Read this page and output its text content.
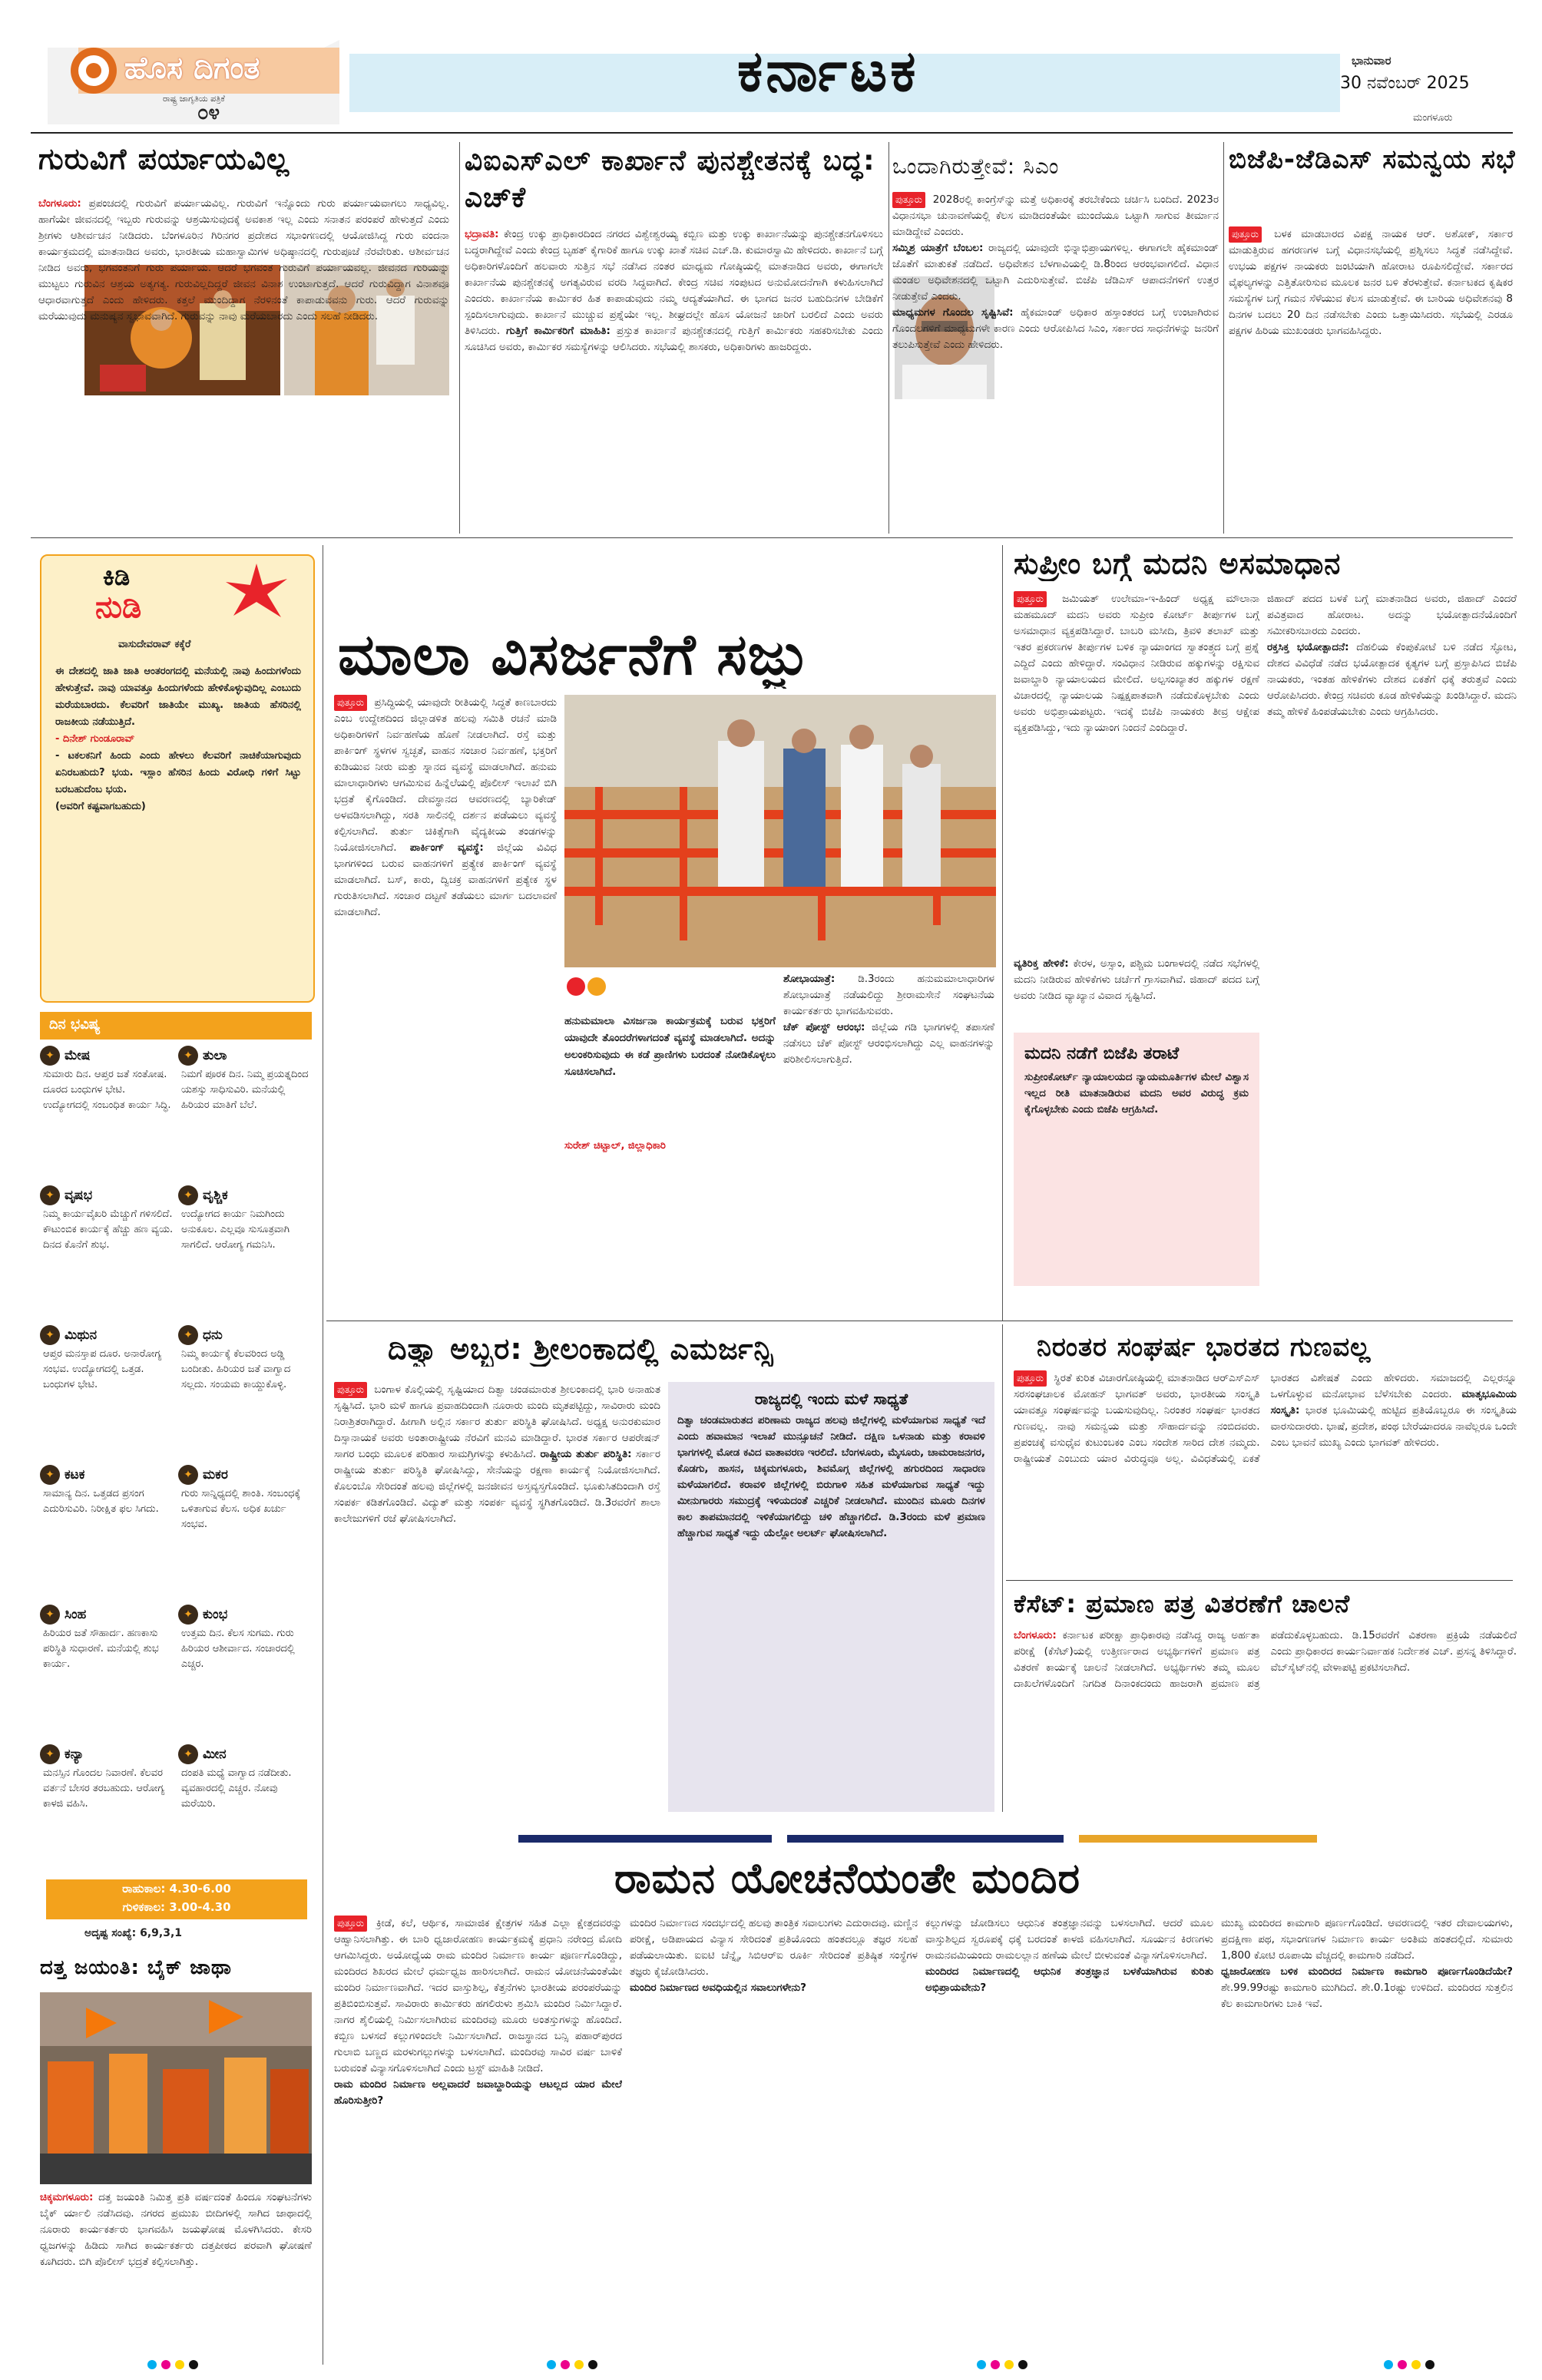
ಹೊಸ ದಿಗಂತ
ರಾಷ್ಟ್ರ ಜಾಗೃತಿಯ ಪತ್ರಿಕೆ
೦೪
ಕರ್ನಾಟಕ	ಭಾನುವಾರ
30 ನವೆಂಬರ್ 2025
ಮಂಗಳೂರು
ಗುರುವಿಗೆ ಪರ್ಯಾಯವಿಲ್ಲ
ಬೆಂಗಳೂರು: ಪ್ರಪಂಚದಲ್ಲಿ ಗುರುವಿಗೆ ಪರ್ಯಾಯವಿಲ್ಲ. ಗುರುವಿಗೆ ಇನ್ನೊಂದು ಗುರು ಪರ್ಯಾಯವಾಗಲು ಸಾಧ್ಯವಿಲ್ಲ. ಹಾಗೆಯೇ ಜೀವನದಲ್ಲಿ ಇಬ್ಬರು ಗುರುವನ್ನು ಆಶ್ರಯಿಸುವುದಕ್ಕೆ ಅವಕಾಶ ಇಲ್ಲ ಎಂದು ಸನಾತನ ಪರಂಪರೆ ಹೇಳುತ್ತದೆ ಎಂದು ಶ್ರೀಗಳು ಆಶೀರ್ವಚನ ನೀಡಿದರು. ಬೆಂಗಳೂರಿನ ಗಿರಿನಗರ ಪ್ರದೇಶದ ಸಭಾಂಗಣದಲ್ಲಿ ಆಯೋಜಿಸಿದ್ದ ಗುರು ವಂದನಾ ಕಾರ್ಯಕ್ರಮದಲ್ಲಿ ಮಾತನಾಡಿದ ಅವರು, ಭಾರತೀಯ ಮಹಾಸ್ವಾಮಿಗಳ ಅಧಿಷ್ಠಾನದಲ್ಲಿ ಗುರುಪೂಜೆ ನೆರವೇರಿತು. ಆಶೀರ್ವಚನ ನೀಡಿದ ಅವರು, ಭಗವಂತನಿಗೆ ಗುರು ಪರ್ಯಾಯ. ಆದರೆ ಭಗವಂತ ಗುರುವಿಗೆ ಪರ್ಯಾಯವಲ್ಲ. ಜೀವನದ ಗುರಿಯನ್ನು ಮುಟ್ಟಲು ಗುರುವಿನ ಆಶ್ರಯ ಅತ್ಯಗತ್ಯ. ಗುರುವಿಲ್ಲದಿದ್ದರೆ ಜೀವನ ವಿನಾಶ ಉಂಟಾಗುತ್ತದೆ. ಆದರೆ ಗುರುವಿದ್ದಾಗ ವಿನಾಶವೂ ಆಧಾರವಾಗುತ್ತದೆ ಎಂದು ಹೇಳಿದರು. ಕತ್ತಲೆ ಮುಂದಿದ್ದಾಗ ನೆರಳಿನಂತೆ ಕಾಪಾಡುವವನು ಗುರು. ಆದರೆ ಗುರುವನ್ನು ಮರೆಯುವುದು ಮನುಷ್ಯನ ಸ್ವಭಾವವಾಗಿದೆ. ಗುರುವನ್ನು ನಾವು ಮರೆಯಬಾರದು ಎಂದು ಸಲಹೆ ನೀಡಿದರು.
ವಿಐಎಸ್‌ಎಲ್ ಕಾರ್ಖಾನೆ ಪುನಶ್ಚೇತನಕ್ಕೆ ಬದ್ಧ: ಎಚ್‌ಕೆ
ಭದ್ರಾವತಿ: ಕೇಂದ್ರ ಉಕ್ಕು ಪ್ರಾಧಿಕಾರದಿಂದ ನಗರದ ವಿಶ್ವೇಶ್ವರಯ್ಯ ಕಬ್ಬಿಣ ಮತ್ತು ಉಕ್ಕು ಕಾರ್ಖಾನೆಯನ್ನು ಪುನಶ್ಚೇತನಗೊಳಿಸಲು ಬದ್ಧರಾಗಿದ್ದೇವೆ ಎಂದು ಕೇಂದ್ರ ಬೃಹತ್ ಕೈಗಾರಿಕೆ ಹಾಗೂ ಉಕ್ಕು ಖಾತೆ ಸಚಿವ ಎಚ್.ಡಿ. ಕುಮಾರಸ್ವಾಮಿ ಹೇಳಿದರು. ಕಾರ್ಖಾನೆ ಬಗ್ಗೆ ಅಧಿಕಾರಿಗಳೊಂದಿಗೆ ಹಲವಾರು ಸುತ್ತಿನ ಸಭೆ ನಡೆಸಿದ ನಂತರ ಮಾಧ್ಯಮ ಗೋಷ್ಠಿಯಲ್ಲಿ ಮಾತನಾಡಿದ ಅವರು, ಈಗಾಗಲೇ ಕಾರ್ಖಾನೆಯ ಪುನಶ್ಚೇತನಕ್ಕೆ ಅಗತ್ಯವಿರುವ ವರದಿ ಸಿದ್ಧವಾಗಿದೆ. ಕೇಂದ್ರ ಸಚಿವ ಸಂಪುಟದ ಅನುಮೋದನೆಗಾಗಿ ಕಳುಹಿಸಲಾಗಿದೆ ಎಂದರು. ಕಾರ್ಖಾನೆಯ ಕಾರ್ಮಿಕರ ಹಿತ ಕಾಪಾಡುವುದು ನಮ್ಮ ಆದ್ಯತೆಯಾಗಿದೆ. ಈ ಭಾಗದ ಜನರ ಬಹುದಿನಗಳ ಬೇಡಿಕೆಗೆ ಸ್ಪಂದಿಸಲಾಗುವುದು. ಕಾರ್ಖಾನೆ ಮುಚ್ಚುವ ಪ್ರಶ್ನೆಯೇ ಇಲ್ಲ. ಶೀಘ್ರದಲ್ಲೇ ಹೊಸ ಯೋಜನೆ ಜಾರಿಗೆ ಬರಲಿದೆ ಎಂದು ಅವರು ತಿಳಿಸಿದರು. ಗುತ್ತಿಗೆ ಕಾರ್ಮಿಕರಿಗೆ ಮಾಹಿತಿ: ಪ್ರಸ್ತುತ ಕಾರ್ಖಾನೆ ಪುನಶ್ಚೇತನದಲ್ಲಿ ಗುತ್ತಿಗೆ ಕಾರ್ಮಿಕರು ಸಹಕರಿಸಬೇಕು ಎಂದು ಸೂಚಿಸಿದ ಅವರು, ಕಾರ್ಮಿಕರ ಸಮಸ್ಯೆಗಳನ್ನು ಆಲಿಸಿದರು. ಸಭೆಯಲ್ಲಿ ಶಾಸಕರು, ಅಧಿಕಾರಿಗಳು ಹಾಜರಿದ್ದರು.
ಒಂದಾಗಿರುತ್ತೇವೆ: ಸಿಎಂ
ಪುತ್ತೂರು 2028ರಲ್ಲಿ ಕಾಂಗ್ರೆಸ್‌ನ್ನು ಮತ್ತೆ ಅಧಿಕಾರಕ್ಕೆ ತರಬೇಕೆಂದು ಚರ್ಚಿಸಿ ಬಂದಿದೆ. 2023ರ ವಿಧಾನಸಭಾ ಚುನಾವಣೆಯಲ್ಲಿ ಕೆಲಸ ಮಾಡಿದಂತೆಯೇ ಮುಂದೆಯೂ ಒಟ್ಟಾಗಿ ಸಾಗುವ ತೀರ್ಮಾನ ಮಾಡಿದ್ದೇವೆ ಎಂದರು.
ಸಮ್ಮಿಶ್ರ ಯಾತ್ರೆಗೆ ಬೆಂಬಲ: ರಾಜ್ಯದಲ್ಲಿ ಯಾವುದೇ ಭಿನ್ನಾಭಿಪ್ರಾಯಗಳಿಲ್ಲ. ಈಗಾಗಲೇ ಹೈಕಮಾಂಡ್ ಜೊತೆಗೆ ಮಾತುಕತೆ ನಡೆದಿದೆ. ಅಧಿವೇಶನ ಬೆಳಗಾವಿಯಲ್ಲಿ ಡಿ.8ರಿಂದ ಆರಂಭವಾಗಲಿದೆ. ವಿಧಾನ ಮಂಡಲ ಅಧಿವೇಶನದಲ್ಲಿ ಒಟ್ಟಾಗಿ ಎದುರಿಸುತ್ತೇವೆ. ಬಿಜೆಪಿ ಜೆಡಿಎಸ್ ಆಪಾದನೆಗಳಿಗೆ ಉತ್ತರ ನೀಡುತ್ತೇವೆ ಎಂದರು.
ಮಾಧ್ಯಮಗಳ ಗೊಂದಲ ಸೃಷ್ಟಿಸಿವೆ: ಹೈಕಮಾಂಡ್ ಅಧಿಕಾರ ಹಸ್ತಾಂತರದ ಬಗ್ಗೆ ಉಂಟಾಗಿರುವ ಗೊಂದಲಗಳಿಗೆ ಮಾಧ್ಯಮಗಳೇ ಕಾರಣ ಎಂದು ಆರೋಪಿಸಿದ ಸಿಎಂ, ಸರ್ಕಾರದ ಸಾಧನೆಗಳನ್ನು ಜನರಿಗೆ ತಲುಪಿಸುತ್ತೇವೆ ಎಂದು ಹೇಳಿದರು.
ಬಿಜೆಪಿ-ಜೆಡಿಎಸ್ ಸಮನ್ವಯ ಸಭೆ
ಪುತ್ತೂರು ಬಳಕ ಮಾಡಬಾರದ ವಿಪಕ್ಷ ನಾಯಕ ಆರ್. ಅಶೋಕ್, ಸರ್ಕಾರ ಮಾಡುತ್ತಿರುವ ಹಗರಣಗಳ ಬಗ್ಗೆ ವಿಧಾನಸಭೆಯಲ್ಲಿ ಪ್ರಶ್ನಿಸಲು ಸಿದ್ಧತೆ ನಡೆಸಿದ್ದೇವೆ. ಉಭಯ ಪಕ್ಷಗಳ ನಾಯಕರು ಜಂಟಿಯಾಗಿ ಹೋರಾಟ ರೂಪಿಸಲಿದ್ದೇವೆ. ಸರ್ಕಾರದ ವೈಫಲ್ಯಗಳನ್ನು ಎತ್ತಿತೋರಿಸುವ ಮೂಲಕ ಜನರ ಬಳಿ ತೆರಳುತ್ತೇವೆ. ಕರ್ನಾಟಕದ ಕೃಷಿಕರ ಸಮಸ್ಯೆಗಳ ಬಗ್ಗೆ ಗಮನ ಸೆಳೆಯುವ ಕೆಲಸ ಮಾಡುತ್ತೇವೆ. ಈ ಬಾರಿಯ ಅಧಿವೇಶನವು 8 ದಿನಗಳ ಬದಲು 20 ದಿನ ನಡೆಸಬೇಕು ಎಂದು ಒತ್ತಾಯಿಸಿದರು. ಸಭೆಯಲ್ಲಿ ಎರಡೂ ಪಕ್ಷಗಳ ಹಿರಿಯ ಮುಖಂಡರು ಭಾಗವಹಿಸಿದ್ದರು.
ಕಿಡಿ
ನುಡಿ
ವಾಸುದೇವರಾವ್ ಕಕ್ಕೆರೆ
ಈ ದೇಶದಲ್ಲಿ ಜಾತಿ ಜಾತಿ ಆಂತರಂಗದಲ್ಲಿ ಮನೆಯಲ್ಲಿ ನಾವು ಹಿಂದುಗಳೆಂದು ಹೇಳುತ್ತೇವೆ. ನಾವು ಯಾವತ್ತೂ ಹಿಂದುಗಳೆಂದು ಹೇಳಿಕೊಳ್ಳುವುದಿಲ್ಲ ಎಂಬುದು ಮರೆಯಬಾರದು. ಕೆಲವರಿಗೆ ಜಾತಿಯೇ ಮುಖ್ಯ. ಜಾತಿಯ ಹೆಸರಿನಲ್ಲಿ ರಾಜಕೀಯ ನಡೆಯುತ್ತಿದೆ.
- ದಿನೇಶ್ ಗುಂಡೂರಾವ್
- ಟಕಲಕನಿಗೆ ಹಿಂದು ಎಂದು ಹೇಳಲು ಕೆಲವರಿಗೆ ನಾಚಿಕೆಯಾಗುವುದು ಏನಿರಬಹುದು? ಭಯ. ಇಸ್ಲಾಂ ಹೆಸರಿನ ಹಿಂದು ವಿರೋಧಿ ಗಳಿಗೆ ಸಿಟ್ಟು ಬರಬಹುದೆಂಬ ಭಯ.
(ಅವರಿಗೆ ಕಷ್ಟವಾಗಬಹುದು)
ದಿನ ಭವಿಷ್ಯ
✦ ಮೇಷ
ಸುಮಾರು ದಿನ. ಆಪ್ತರ ಜತೆ ಸಂತೋಷ. ದೂರದ ಬಂಧುಗಳ ಭೇಟಿ. ಉದ್ಯೋಗದಲ್ಲಿ ಸಂಬಂಧಿತ ಕಾರ್ಯ ಸಿದ್ಧಿ.
✦ ವೃಷಭ
ನಿಮ್ಮ ಕಾರ್ಯವೈಖರಿ ಮೆಚ್ಚುಗೆ ಗಳಿಸಲಿದೆ. ಕೌಟುಂಬಿಕ ಕಾರ್ಯಕ್ಕೆ ಹೆಚ್ಚು ಹಣ ವ್ಯಯ. ದಿನದ ಕೊನೆಗೆ ಶುಭ.
✦ ಮಿಥುನ
ಆಪ್ತರ ಮನಸ್ತಾಪ ದೂರ. ಅನಾರೋಗ್ಯ ಸಂಭವ. ಉದ್ಯೋಗದಲ್ಲಿ ಒತ್ತಡ. ಬಂಧುಗಳ ಭೇಟಿ.
✦ ಕಟಕ
ಸಾಮಾನ್ಯ ದಿನ. ಒತ್ತಡದ ಪ್ರಸಂಗ ಎದುರಿಸುವಿರಿ. ನಿರೀಕ್ಷಿತ ಫಲ ಸಿಗದು.
✦ ಸಿಂಹ
ಹಿರಿಯರ ಜತೆ ಸೌಹಾರ್ದ. ಹಣಕಾಸು ಪರಿಸ್ಥಿತಿ ಸುಧಾರಣೆ. ಮನೆಯಲ್ಲಿ ಶುಭ ಕಾರ್ಯ.
✦ ಕನ್ಯಾ
ಮನಸ್ಸಿನ ಗೊಂದಲ ನಿವಾರಣೆ. ಕೆಲವರ ವರ್ತನೆ ಬೇಸರ ತರಬಹುದು. ಆರೋಗ್ಯ ಕಾಳಜಿ ವಹಿಸಿ.
✦ ತುಲಾ
ನಿಮಗೆ ಪೂರಕ ದಿನ. ನಿಮ್ಮ ಪ್ರಯತ್ನದಿಂದ ಯಶಸ್ಸು ಸಾಧಿಸುವಿರಿ. ಮನೆಯಲ್ಲಿ ಹಿರಿಯರ ಮಾತಿಗೆ ಬೆಲೆ.
✦ ವೃಶ್ಚಿಕ
ಉದ್ಯೋಗದ ಕಾರ್ಯ ನಿಮಗಿಂದು ಅನುಕೂಲ. ಎಲ್ಲವೂ ಸುಸೂತ್ರವಾಗಿ ಸಾಗಲಿದೆ. ಆರೋಗ್ಯ ಗಮನಿಸಿ.
✦ ಧನು
ನಿಮ್ಮ ಕಾರ್ಯಕ್ಕೆ ಕೆಲವರಿಂದ ಅಡ್ಡಿ ಬಂದೀತು. ಹಿರಿಯರ ಜತೆ ವಾಗ್ವಾದ ಸಲ್ಲದು. ಸಂಯಮ ಕಾಯ್ದುಕೊಳ್ಳಿ.
✦ ಮಕರ
ಗುರು ಸಾನ್ನಿಧ್ಯದಲ್ಲಿ ಶಾಂತಿ. ಸಂಬಂಧಕ್ಕೆ ಒಳಿತಾಗುವ ಕೆಲಸ. ಅಧಿಕ ಖರ್ಚು ಸಂಭವ.
✦ ಕುಂಭ
ಉತ್ತಮ ದಿನ. ಕೆಲಸ ಸುಗಮ. ಗುರು ಹಿರಿಯರ ಆಶೀರ್ವಾದ. ಸಂಚಾರದಲ್ಲಿ ಎಚ್ಚರ.
✦ ಮೀನ
ದಂಪತಿ ಮಧ್ಯೆ ವಾಗ್ವಾದ ನಡೆದೀತು. ವ್ಯವಹಾರದಲ್ಲಿ ಎಚ್ಚರ. ನೋವು ಮರೆಯಿರಿ.
ರಾಹುಕಾಲ: 4.30-6.00
ಗುಳಿಕಕಾಲ: 3.00-4.30
ಅದೃಷ್ಟ ಸಂಖ್ಯೆ: 6,9,3,1
ದತ್ತ ಜಯಂತಿ: ಬೈಕ್ ಜಾಥಾ
ಚಿಕ್ಕಮಗಳೂರು: ದತ್ತ ಜಯಂತಿ ನಿಮಿತ್ತ ಪ್ರತಿ ವರ್ಷದಂತೆ ಹಿಂದೂ ಸಂಘಟನೆಗಳು ಬೈಕ್ ರ್ಯಾಲಿ ನಡೆಸಿದವು. ನಗರದ ಪ್ರಮುಖ ಬೀದಿಗಳಲ್ಲಿ ಸಾಗಿದ ಜಾಥಾದಲ್ಲಿ ನೂರಾರು ಕಾರ್ಯಕರ್ತರು ಭಾಗವಹಿಸಿ ಜಯಘೋಷ ಮೊಳಗಿಸಿದರು. ಕೇಸರಿ ಧ್ವಜಗಳನ್ನು ಹಿಡಿದು ಸಾಗಿದ ಕಾರ್ಯಕರ್ತರು ದತ್ತಪೀಠದ ಪರವಾಗಿ ಘೋಷಣೆ ಕೂಗಿದರು. ಬಿಗಿ ಪೊಲೀಸ್ ಭದ್ರತೆ ಕಲ್ಪಿಸಲಾಗಿತ್ತು.
ಮಾಲಾ ವಿಸರ್ಜನೆಗೆ ಸಜ್ಜು
ಪುತ್ತೂರು ಪ್ರಸಿದ್ಧಿಯಲ್ಲಿ ಯಾವುದೇ ರೀತಿಯಲ್ಲಿ ಸಿದ್ಧತೆ ಕಾಣಬಾರದು ಎಂಬ ಉದ್ದೇಶದಿಂದ ಜಿಲ್ಲಾಡಳಿತ ಹಲವು ಸಮಿತಿ ರಚನೆ ಮಾಡಿ ಅಧಿಕಾರಿಗಳಿಗೆ ನಿರ್ವಹಣೆಯ ಹೊಣೆ ನೀಡಲಾಗಿದೆ. ರಸ್ತೆ ಮತ್ತು ಪಾರ್ಕಿಂಗ್ ಸ್ಥಳಗಳ ಸ್ವಚ್ಛತೆ, ವಾಹನ ಸಂಚಾರ ನಿರ್ವಹಣೆ, ಭಕ್ತರಿಗೆ ಕುಡಿಯುವ ನೀರು ಮತ್ತು ಸ್ನಾನದ ವ್ಯವಸ್ಥೆ ಮಾಡಲಾಗಿದೆ. ಹನುಮ ಮಾಲಾಧಾರಿಗಳು ಆಗಮಿಸುವ ಹಿನ್ನೆಲೆಯಲ್ಲಿ ಪೊಲೀಸ್ ಇಲಾಖೆ ಬಿಗಿ ಭದ್ರತೆ ಕೈಗೊಂಡಿದೆ. ದೇವಸ್ಥಾನದ ಆವರಣದಲ್ಲಿ ಬ್ಯಾರಿಕೇಡ್ ಅಳವಡಿಸಲಾಗಿದ್ದು, ಸರತಿ ಸಾಲಿನಲ್ಲಿ ದರ್ಶನ ಪಡೆಯಲು ವ್ಯವಸ್ಥೆ ಕಲ್ಪಿಸಲಾಗಿದೆ. ತುರ್ತು ಚಿಕಿತ್ಸೆಗಾಗಿ ವೈದ್ಯಕೀಯ ತಂಡಗಳನ್ನು ನಿಯೋಜಿಸಲಾಗಿದೆ. ಪಾರ್ಕಿಂಗ್ ವ್ಯವಸ್ಥೆ: ಜಿಲ್ಲೆಯ ವಿವಿಧ ಭಾಗಗಳಿಂದ ಬರುವ ವಾಹನಗಳಿಗೆ ಪ್ರತ್ಯೇಕ ಪಾರ್ಕಿಂಗ್ ವ್ಯವಸ್ಥೆ ಮಾಡಲಾಗಿದೆ. ಬಸ್, ಕಾರು, ದ್ವಿಚಕ್ರ ವಾಹನಗಳಿಗೆ ಪ್ರತ್ಯೇಕ ಸ್ಥಳ ಗುರುತಿಸಲಾಗಿದೆ. ಸಂಚಾರ ದಟ್ಟಣೆ ತಡೆಯಲು ಮಾರ್ಗ ಬದಲಾವಣೆ ಮಾಡಲಾಗಿದೆ.
ಹನುಮಮಾಲಾ ವಿಸರ್ಜನಾ ಕಾರ್ಯಕ್ರಮಕ್ಕೆ ಬರುವ ಭಕ್ತರಿಗೆ ಯಾವುದೇ ತೊಂದರೆಗಳಾಗದಂತೆ ವ್ಯವಸ್ಥೆ ಮಾಡಲಾಗಿದೆ. ಅದನ್ನು ಅಲಂಕರಿಸುವುದು ಈ ಕಡೆ ಪ್ರಾಣಿಗಳು ಬರದಂತೆ ನೋಡಿಕೊಳ್ಳಲು ಸೂಚಿಸಲಾಗಿದೆ.
ಸುರೇಶ್ ಚಿಟ್ಟಾಲ್, ಜಿಲ್ಲಾಧಿಕಾರಿ
ಶೋಭಾಯಾತ್ರೆ: ಡಿ.3ರಂದು ಹನುಮಮಾಲಾಧಾರಿಗಳ ಶೋಭಾಯಾತ್ರೆ ನಡೆಯಲಿದ್ದು ಶ್ರೀರಾಮಸೇನೆ ಸಂಘಟನೆಯ ಕಾರ್ಯಕರ್ತರು ಭಾಗವಹಿಸುವರು.
ಚೆಕ್ ಪೋಸ್ಟ್ ಆರಂಭ: ಜಿಲ್ಲೆಯ ಗಡಿ ಭಾಗಗಳಲ್ಲಿ ತಪಾಸಣೆ ನಡೆಸಲು ಚೆಕ್ ಪೋಸ್ಟ್ ಆರಂಭಿಸಲಾಗಿದ್ದು ಎಲ್ಲ ವಾಹನಗಳನ್ನು ಪರಿಶೀಲಿಸಲಾಗುತ್ತಿದೆ.
ಸುಪ್ರೀಂ ಬಗ್ಗೆ ಮದನಿ ಅಸಮಾಧಾನ
ಪುತ್ತೂರು ಜಮಿಯತ್ ಉಲೇಮಾ-ಇ-ಹಿಂದ್ ಅಧ್ಯಕ್ಷ ಮೌಲಾನಾ ಮಹಮೂದ್ ಮದನಿ ಅವರು ಸುಪ್ರೀಂ ಕೋರ್ಟ್ ತೀರ್ಪುಗಳ ಬಗ್ಗೆ ಅಸಮಾಧಾನ ವ್ಯಕ್ತಪಡಿಸಿದ್ದಾರೆ. ಬಾಬರಿ ಮಸೀದಿ, ತ್ರಿವಳಿ ತಲಾಖ್ ಮತ್ತು ಇತರ ಪ್ರಕರಣಗಳ ತೀರ್ಪುಗಳ ಬಳಿಕ ನ್ಯಾಯಾಂಗದ ಸ್ವಾತಂತ್ರ್ಯದ ಬಗ್ಗೆ ಪ್ರಶ್ನೆ ಎದ್ದಿದೆ ಎಂದು ಹೇಳಿದ್ದಾರೆ. ಸಂವಿಧಾನ ನೀಡಿರುವ ಹಕ್ಕುಗಳನ್ನು ರಕ್ಷಿಸುವ ಜವಾಬ್ದಾರಿ ನ್ಯಾಯಾಲಯದ ಮೇಲಿದೆ. ಅಲ್ಪಸಂಖ್ಯಾತರ ಹಕ್ಕುಗಳ ರಕ್ಷಣೆ ವಿಚಾರದಲ್ಲಿ ನ್ಯಾಯಾಲಯ ನಿಷ್ಪಕ್ಷಪಾತವಾಗಿ ನಡೆದುಕೊಳ್ಳಬೇಕು ಎಂದು ಅವರು ಅಭಿಪ್ರಾಯಪಟ್ಟರು. ಇದಕ್ಕೆ ಬಿಜೆಪಿ ನಾಯಕರು ತೀವ್ರ ಆಕ್ಷೇಪ ವ್ಯಕ್ತಪಡಿಸಿದ್ದು, ಇದು ನ್ಯಾಯಾಂಗ ನಿಂದನೆ ಎಂದಿದ್ದಾರೆ.
ವ್ಯತಿರಿಕ್ತ ಹೇಳಿಕೆ: ಕೇರಳ, ಅಸ್ಸಾಂ, ಪಶ್ಚಿಮ ಬಂಗಾಳದಲ್ಲಿ ನಡೆದ ಸಭೆಗಳಲ್ಲಿ ಮದನಿ ನೀಡಿರುವ ಹೇಳಿಕೆಗಳು ಚರ್ಚೆಗೆ ಗ್ರಾಸವಾಗಿವೆ. ಜಿಹಾದ್ ಪದದ ಬಗ್ಗೆ ಅವರು ನೀಡಿದ ವ್ಯಾಖ್ಯಾನ ವಿವಾದ ಸೃಷ್ಟಿಸಿದೆ.
ಮದನಿ ನಡೆಗೆ ಬಿಜೆಪಿ ತರಾಟೆ
ಸುಪ್ರೀಂಕೋರ್ಟ್ ನ್ಯಾಯಾಲಯದ ನ್ಯಾಯಮೂರ್ತಿಗಳ ಮೇಲೆ ವಿಶ್ವಾಸ ಇಲ್ಲದ ರೀತಿ ಮಾತನಾಡಿರುವ ಮದನಿ ಅವರ ವಿರುದ್ಧ ಕ್ರಮ ಕೈಗೊಳ್ಳಬೇಕು ಎಂದು ಬಿಜೆಪಿ ಆಗ್ರಹಿಸಿದೆ.
ಜಿಹಾದ್ ಪದದ ಬಳಕೆ ಬಗ್ಗೆ ಮಾತನಾಡಿದ ಅವರು, ಜಿಹಾದ್ ಎಂದರೆ ಪವಿತ್ರವಾದ ಹೋರಾಟ. ಅದನ್ನು ಭಯೋತ್ಪಾದನೆಯೊಂದಿಗೆ ಸಮೀಕರಿಸಬಾರದು ಎಂದರು.
ರಕ್ತಸಿಕ್ತ ಭಯೋತ್ಪಾದನೆ: ದೆಹಲಿಯ ಕೆಂಪುಕೋಟೆ ಬಳಿ ನಡೆದ ಸ್ಫೋಟ, ದೇಶದ ವಿವಿಧೆಡೆ ನಡೆದ ಭಯೋತ್ಪಾದಕ ಕೃತ್ಯಗಳ ಬಗ್ಗೆ ಪ್ರಸ್ತಾಪಿಸಿದ ಬಿಜೆಪಿ ನಾಯಕರು, ಇಂತಹ ಹೇಳಿಕೆಗಳು ದೇಶದ ಏಕತೆಗೆ ಧಕ್ಕೆ ತರುತ್ತವೆ ಎಂದು ಆರೋಪಿಸಿದರು. ಕೇಂದ್ರ ಸಚಿವರು ಕೂಡ ಹೇಳಿಕೆಯನ್ನು ಖಂಡಿಸಿದ್ದಾರೆ. ಮದನಿ ತಮ್ಮ ಹೇಳಿಕೆ ಹಿಂಪಡೆಯಬೇಕು ಎಂದು ಆಗ್ರಹಿಸಿದರು.
ದಿತ್ವಾ ಅಬ್ಬರ: ಶ್ರೀಲಂಕಾದಲ್ಲಿ ಎಮರ್ಜನ್ಸಿ
ಪುತ್ತೂರು ಬಂಗಾಳ ಕೊಲ್ಲಿಯಲ್ಲಿ ಸೃಷ್ಟಿಯಾದ ದಿತ್ವಾ ಚಂಡಮಾರುತ ಶ್ರೀಲಂಕಾದಲ್ಲಿ ಭಾರಿ ಅನಾಹುತ ಸೃಷ್ಟಿಸಿದೆ. ಭಾರಿ ಮಳೆ ಹಾಗೂ ಪ್ರವಾಹದಿಂದಾಗಿ ನೂರಾರು ಮಂದಿ ಮೃತಪಟ್ಟಿದ್ದು, ಸಾವಿರಾರು ಮಂದಿ ನಿರಾಶ್ರಿತರಾಗಿದ್ದಾರೆ. ಹೀಗಾಗಿ ಅಲ್ಲಿನ ಸರ್ಕಾರ ತುರ್ತು ಪರಿಸ್ಥಿತಿ ಘೋಷಿಸಿದೆ. ಅಧ್ಯಕ್ಷ ಅನುರಕುಮಾರ ದಿಸ್ಸಾನಾಯಕೆ ಅವರು ಅಂತಾರಾಷ್ಟ್ರೀಯ ನೆರವಿಗೆ ಮನವಿ ಮಾಡಿದ್ದಾರೆ. ಭಾರತ ಸರ್ಕಾರ ಆಪರೇಷನ್ ಸಾಗರ ಬಂಧು ಮೂಲಕ ಪರಿಹಾರ ಸಾಮಗ್ರಿಗಳನ್ನು ಕಳುಹಿಸಿದೆ. ರಾಷ್ಟ್ರೀಯ ತುರ್ತು ಪರಿಸ್ಥಿತಿ: ಸರ್ಕಾರ ರಾಷ್ಟ್ರೀಯ ತುರ್ತು ಪರಿಸ್ಥಿತಿ ಘೋಷಿಸಿದ್ದು, ಸೇನೆಯನ್ನು ರಕ್ಷಣಾ ಕಾರ್ಯಕ್ಕೆ ನಿಯೋಜಿಸಲಾಗಿದೆ. ಕೊಲಂಬೊ ಸೇರಿದಂತೆ ಹಲವು ಜಿಲ್ಲೆಗಳಲ್ಲಿ ಜನಜೀವನ ಅಸ್ತವ್ಯಸ್ತಗೊಂಡಿದೆ. ಭೂಕುಸಿತದಿಂದಾಗಿ ರಸ್ತೆ ಸಂಪರ್ಕ ಕಡಿತಗೊಂಡಿದೆ. ವಿದ್ಯುತ್ ಮತ್ತು ಸಂಪರ್ಕ ವ್ಯವಸ್ಥೆ ಸ್ಥಗಿತಗೊಂಡಿದೆ. ಡಿ.3ರವರೆಗೆ ಶಾಲಾ ಕಾಲೇಜುಗಳಿಗೆ ರಜೆ ಘೋಷಿಸಲಾಗಿದೆ.
ರಾಜ್ಯದಲ್ಲಿ ಇಂದು ಮಳೆ ಸಾಧ್ಯತೆ
ದಿತ್ವಾ ಚಂಡಮಾರುತದ ಪರಿಣಾಮ ರಾಜ್ಯದ ಹಲವು ಜಿಲ್ಲೆಗಳಲ್ಲಿ ಮಳೆಯಾಗುವ ಸಾಧ್ಯತೆ ಇದೆ ಎಂದು ಹವಾಮಾನ ಇಲಾಖೆ ಮುನ್ಸೂಚನೆ ನೀಡಿದೆ. ದಕ್ಷಿಣ ಒಳನಾಡು ಮತ್ತು ಕರಾವಳಿ ಭಾಗಗಳಲ್ಲಿ ಮೋಡ ಕವಿದ ವಾತಾವರಣ ಇರಲಿದೆ. ಬೆಂಗಳೂರು, ಮೈಸೂರು, ಚಾಮರಾಜನಗರ, ಕೊಡಗು, ಹಾಸನ, ಚಿಕ್ಕಮಗಳೂರು, ಶಿವಮೊಗ್ಗ ಜಿಲ್ಲೆಗಳಲ್ಲಿ ಹಗುರದಿಂದ ಸಾಧಾರಣ ಮಳೆಯಾಗಲಿದೆ. ಕರಾವಳಿ ಜಿಲ್ಲೆಗಳಲ್ಲಿ ಬಿರುಗಾಳಿ ಸಹಿತ ಮಳೆಯಾಗುವ ಸಾಧ್ಯತೆ ಇದ್ದು ಮೀನುಗಾರರು ಸಮುದ್ರಕ್ಕೆ ಇಳಿಯದಂತೆ ಎಚ್ಚರಿಕೆ ನೀಡಲಾಗಿದೆ. ಮುಂದಿನ ಮೂರು ದಿನಗಳ ಕಾಲ ತಾಪಮಾನದಲ್ಲಿ ಇಳಿಕೆಯಾಗಲಿದ್ದು ಚಳಿ ಹೆಚ್ಚಾಗಲಿದೆ. ಡಿ.3ರಂದು ಮಳೆ ಪ್ರಮಾಣ ಹೆಚ್ಚಾಗುವ ಸಾಧ್ಯತೆ ಇದ್ದು ಯೆಲ್ಲೋ ಅಲರ್ಟ್ ಘೋಷಿಸಲಾಗಿದೆ.
ನಿರಂತರ ಸಂಘರ್ಷ ಭಾರತದ ಗುಣವಲ್ಲ
ಪುತ್ತೂರು ಸ್ಥಿರತೆ ಕುರಿತ ವಿಚಾರಗೋಷ್ಠಿಯಲ್ಲಿ ಮಾತನಾಡಿದ ಆರ್‌ಎಸ್‌ಎಸ್ ಸರಸಂಘಚಾಲಕ ಮೋಹನ್ ಭಾಗವತ್ ಅವರು, ಭಾರತೀಯ ಸಂಸ್ಕೃತಿ ಯಾವತ್ತೂ ಸಂಘರ್ಷವನ್ನು ಬಯಸುವುದಿಲ್ಲ. ನಿರಂತರ ಸಂಘರ್ಷ ಭಾರತದ ಗುಣವಲ್ಲ. ನಾವು ಸಮನ್ವಯ ಮತ್ತು ಸೌಹಾರ್ದವನ್ನು ನಂಬಿದವರು. ಪ್ರಪಂಚಕ್ಕೆ ವಸುಧೈವ ಕುಟುಂಬಕಂ ಎಂಬ ಸಂದೇಶ ಸಾರಿದ ದೇಶ ನಮ್ಮದು. ರಾಷ್ಟ್ರೀಯತೆ ಎಂಬುದು ಯಾರ ವಿರುದ್ಧವೂ ಅಲ್ಲ. ವಿವಿಧತೆಯಲ್ಲಿ ಏಕತೆ ಭಾರತದ ವಿಶೇಷತೆ ಎಂದು ಹೇಳಿದರು. ಸಮಾಜದಲ್ಲಿ ಎಲ್ಲರನ್ನೂ ಒಳಗೊಳ್ಳುವ ಮನೋಭಾವ ಬೆಳೆಸಬೇಕು ಎಂದರು. ಮಾತೃಭೂಮಿಯ ಸಂಸ್ಕೃತಿ: ಭಾರತ ಭೂಮಿಯಲ್ಲಿ ಹುಟ್ಟಿದ ಪ್ರತಿಯೊಬ್ಬರೂ ಈ ಸಂಸ್ಕೃತಿಯ ವಾರಸುದಾರರು. ಭಾಷೆ, ಪ್ರದೇಶ, ಪಂಥ ಬೇರೆಯಾದರೂ ನಾವೆಲ್ಲರೂ ಒಂದೇ ಎಂಬ ಭಾವನೆ ಮುಖ್ಯ ಎಂದು ಭಾಗವತ್ ಹೇಳಿದರು.
ಕೆಸೆಟ್: ಪ್ರಮಾಣ ಪತ್ರ ವಿತರಣೆಗೆ ಚಾಲನೆ
ಬೆಂಗಳೂರು: ಕರ್ನಾಟಕ ಪರೀಕ್ಷಾ ಪ್ರಾಧಿಕಾರವು ನಡೆಸಿದ್ದ ರಾಜ್ಯ ಅರ್ಹತಾ ಪರೀಕ್ಷೆ (ಕೆಸೆಟ್)ಯಲ್ಲಿ ಉತ್ತೀರ್ಣರಾದ ಅಭ್ಯರ್ಥಿಗಳಿಗೆ ಪ್ರಮಾಣ ಪತ್ರ ವಿತರಣೆ ಕಾರ್ಯಕ್ಕೆ ಚಾಲನೆ ನೀಡಲಾಗಿದೆ. ಅಭ್ಯರ್ಥಿಗಳು ತಮ್ಮ ಮೂಲ ದಾಖಲೆಗಳೊಂದಿಗೆ ನಿಗದಿತ ದಿನಾಂಕದಂದು ಹಾಜರಾಗಿ ಪ್ರಮಾಣ ಪತ್ರ ಪಡೆದುಕೊಳ್ಳಬಹುದು. ಡಿ.15ರವರೆಗೆ ವಿತರಣಾ ಪ್ರಕ್ರಿಯೆ ನಡೆಯಲಿದೆ ಎಂದು ಪ್ರಾಧಿಕಾರದ ಕಾರ್ಯನಿರ್ವಾಹಕ ನಿರ್ದೇಶಕ ಎಚ್. ಪ್ರಸನ್ನ ತಿಳಿಸಿದ್ದಾರೆ. ವೆಬ್‌ಸೈಟ್‌ನಲ್ಲಿ ವೇಳಾಪಟ್ಟಿ ಪ್ರಕಟಿಸಲಾಗಿದೆ.
ರಾಮನ ಯೋಚನೆಯಂತೇ ಮಂದಿರ
ಪುತ್ತೂರು ಕ್ರೀಡೆ, ಕಲೆ, ಆರ್ಥಿಕ, ಸಾಮಾಜಿಕ ಕ್ಷೇತ್ರಗಳ ಸಹಿತ ಎಲ್ಲಾ ಕ್ಷೇತ್ರದವರನ್ನು ಆಹ್ವಾನಿಸಲಾಗಿತ್ತು. ಈ ಬಾರಿ ಧ್ವಜಾರೋಹಣ ಕಾರ್ಯಕ್ರಮಕ್ಕೆ ಪ್ರಧಾನಿ ನರೇಂದ್ರ ಮೋದಿ ಆಗಮಿಸಿದ್ದರು. ಅಯೋಧ್ಯೆಯ ರಾಮ ಮಂದಿರ ನಿರ್ಮಾಣ ಕಾರ್ಯ ಪೂರ್ಣಗೊಂಡಿದ್ದು, ಮಂದಿರದ ಶಿಖರದ ಮೇಲೆ ಧರ್ಮಧ್ವಜ ಹಾರಿಸಲಾಗಿದೆ. ರಾಮನ ಯೋಚನೆಯಂತೆಯೇ ಮಂದಿರ ನಿರ್ಮಾಣವಾಗಿದೆ. ಇದರ ವಾಸ್ತುಶಿಲ್ಪ, ಕೆತ್ತನೆಗಳು ಭಾರತೀಯ ಪರಂಪರೆಯನ್ನು ಪ್ರತಿಬಿಂಬಿಸುತ್ತವೆ. ಸಾವಿರಾರು ಕಾರ್ಮಿಕರು ಹಗಲಿರುಳು ಶ್ರಮಿಸಿ ಮಂದಿರ ನಿರ್ಮಿಸಿದ್ದಾರೆ. ನಾಗರ ಶೈಲಿಯಲ್ಲಿ ನಿರ್ಮಿಸಲಾಗಿರುವ ಮಂದಿರವು ಮೂರು ಅಂತಸ್ತುಗಳನ್ನು ಹೊಂದಿದೆ. ಕಬ್ಬಿಣ ಬಳಸದೆ ಕಲ್ಲುಗಳಿಂದಲೇ ನಿರ್ಮಿಸಲಾಗಿದೆ. ರಾಜಸ್ಥಾನದ ಬನ್ಸಿ ಪಹಾರ್‌ಪುರದ ಗುಲಾಬಿ ಬಣ್ಣದ ಮರಳುಗಲ್ಲುಗಳನ್ನು ಬಳಸಲಾಗಿದೆ. ಮಂದಿರವು ಸಾವಿರ ವರ್ಷ ಬಾಳಿಕೆ ಬರುವಂತೆ ವಿನ್ಯಾಸಗೊಳಿಸಲಾಗಿದೆ ಎಂದು ಟ್ರಸ್ಟ್ ಮಾಹಿತಿ ನೀಡಿದೆ.
ರಾಮ ಮಂದಿರ ನಿರ್ಮಾಣ ಅಲ್ಲವಾದರೆ ಜವಾಬ್ದಾರಿಯನ್ನು ಆಟಲ್ಲದ ಯಾರ ಮೇಲೆ ಹೊರಿಸುತ್ತೀರಿ?
ಮಂದಿರ ನಿರ್ಮಾಣದ ಸಂದರ್ಭದಲ್ಲಿ ಹಲವು ತಾಂತ್ರಿಕ ಸವಾಲುಗಳು ಎದುರಾದವು. ಮಣ್ಣಿನ ಪರೀಕ್ಷೆ, ಅಡಿಪಾಯದ ವಿನ್ಯಾಸ ಸೇರಿದಂತೆ ಪ್ರತಿಯೊಂದು ಹಂತದಲ್ಲೂ ತಜ್ಞರ ಸಲಹೆ ಪಡೆಯಲಾಯಿತು. ಐಐಟಿ ಚೆನ್ನೈ, ಸಿಬಿಆರ್‌ಐ ರೂರ್ಕಿ ಸೇರಿದಂತೆ ಪ್ರತಿಷ್ಠಿತ ಸಂಸ್ಥೆಗಳ ತಜ್ಞರು ಕೈಜೋಡಿಸಿದರು.
ಮಂದಿರ ನಿರ್ಮಾಣದ ಅವಧಿಯಲ್ಲಿನ ಸವಾಲುಗಳೇನು?
ಕಲ್ಲುಗಳನ್ನು ಜೋಡಿಸಲು ಆಧುನಿಕ ತಂತ್ರಜ್ಞಾನವನ್ನು ಬಳಸಲಾಗಿದೆ. ಆದರೆ ಮೂಲ ವಾಸ್ತುಶಿಲ್ಪದ ಸ್ವರೂಪಕ್ಕೆ ಧಕ್ಕೆ ಬರದಂತೆ ಕಾಳಜಿ ವಹಿಸಲಾಗಿದೆ. ಸೂರ್ಯನ ಕಿರಣಗಳು ರಾಮನವಮಿಯಂದು ರಾಮಲಲ್ಲಾನ ಹಣೆಯ ಮೇಲೆ ಬೀಳುವಂತೆ ವಿನ್ಯಾಸಗೊಳಿಸಲಾಗಿದೆ.
ಮಂದಿರದ ನಿರ್ಮಾಣದಲ್ಲಿ ಆಧುನಿಕ ತಂತ್ರಜ್ಞಾನ ಬಳಕೆಯಾಗಿರುವ ಕುರಿತು ಅಭಿಪ್ರಾಯವೇನು?
ಮುಖ್ಯ ಮಂದಿರದ ಕಾಮಗಾರಿ ಪೂರ್ಣಗೊಂಡಿದೆ. ಆವರಣದಲ್ಲಿ ಇತರ ದೇವಾಲಯಗಳು, ಪ್ರದಕ್ಷಿಣಾ ಪಥ, ಸಭಾಂಗಣಗಳ ನಿರ್ಮಾಣ ಕಾರ್ಯ ಅಂತಿಮ ಹಂತದಲ್ಲಿದೆ. ಸುಮಾರು 1,800 ಕೋಟಿ ರೂಪಾಯಿ ವೆಚ್ಚದಲ್ಲಿ ಕಾಮಗಾರಿ ನಡೆದಿದೆ.
ಧ್ವಜಾರೋಹಣ ಬಳಿಕ ಮಂದಿರದ ನಿರ್ಮಾಣ ಕಾಮಗಾರಿ ಪೂರ್ಣಗೊಂಡಿದೆಯೇ? ಶೇ.99.99ರಷ್ಟು ಕಾಮಗಾರಿ ಮುಗಿದಿದೆ. ಶೇ.0.1ರಷ್ಟು ಉಳಿದಿದೆ. ಮಂದಿರದ ಸುತ್ತಲಿನ ಕೆಲ ಕಾಮಗಾರಿಗಳು ಬಾಕಿ ಇವೆ.
